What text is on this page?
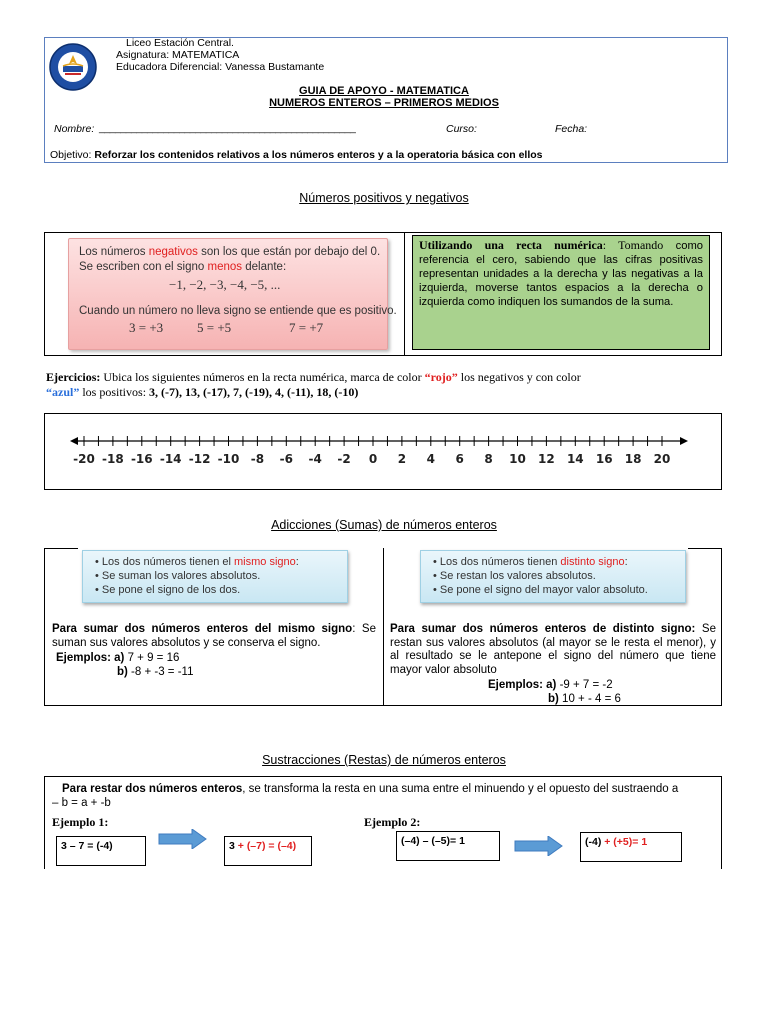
Liceo Estación Central.
Asignatura: MATEMATICA
Educadora Diferencial: Vanessa Bustamante
GUIA DE APOYO - MATEMATICA
NUMEROS ENTEROS – PRIMEROS MEDIOS
Nombre: ________________________________________________	Curso:	Fecha:
Objetivo: Reforzar los contenidos relativos a los números enteros y a la operatoria básica con ellos
Números positivos y negativos
Los números negativos son los que están por debajo del 0.
Se escriben con el signo menos delante:
−1, −2, −3, −4, −5, ...
Cuando un número no lleva signo se entiende que es positivo.
3 = +3	5 = +5	7 = +7
Utilizando una recta numérica: Tomando como referencia el cero, sabiendo que las cifras positivas representan unidades a la derecha y las negativas a la izquierda, moverse tantos espacios a la derecha o izquierda como indiquen los sumandos de la suma.
Ejercicios: Ubica los siguientes números en la recta numérica, marca de color “rojo” los negativos y con color
“azul” los positivos: 3, (-7), 13, (-17), 7, (-19), 4, (-11), 18, (-10)
-20 -18 -16 -14 -12 -10 -8 -6 -4 -2 0 2 4 6 8 10 12 14 16 18 20
Adicciones (Sumas) de números enteros
• Los dos números tienen el mismo signo:
• Se suman los valores absolutos.
• Se pone el signo de los dos.
• Los dos números tienen distinto signo:
• Se restan los valores absolutos.
• Se pone el signo del mayor valor absoluto.
Para sumar dos números enteros del mismo signo: Se suman sus valores absolutos y se conserva el signo.
Ejemplos: a) 7 + 9 = 16
b) -8 + -3 = -11
Para sumar dos números enteros de distinto signo: Se restan sus valores absolutos (al mayor se le resta el menor), y al resultado se le antepone el signo del número que tiene mayor valor absoluto
Ejemplos: a) -9 + 7 = -2
b) 10 + - 4 = 6
Sustracciones (Restas) de números enteros
Para restar dos números enteros, se transforma la resta en una suma entre el minuendo y el opuesto del sustraendo a
– b = a + -b
Ejemplo 1:	Ejemplo 2:
3 – 7 = (-4)	3 + (–7) = (–4)	(–4) – (–5)= 1	(-4) + (+5)= 1
